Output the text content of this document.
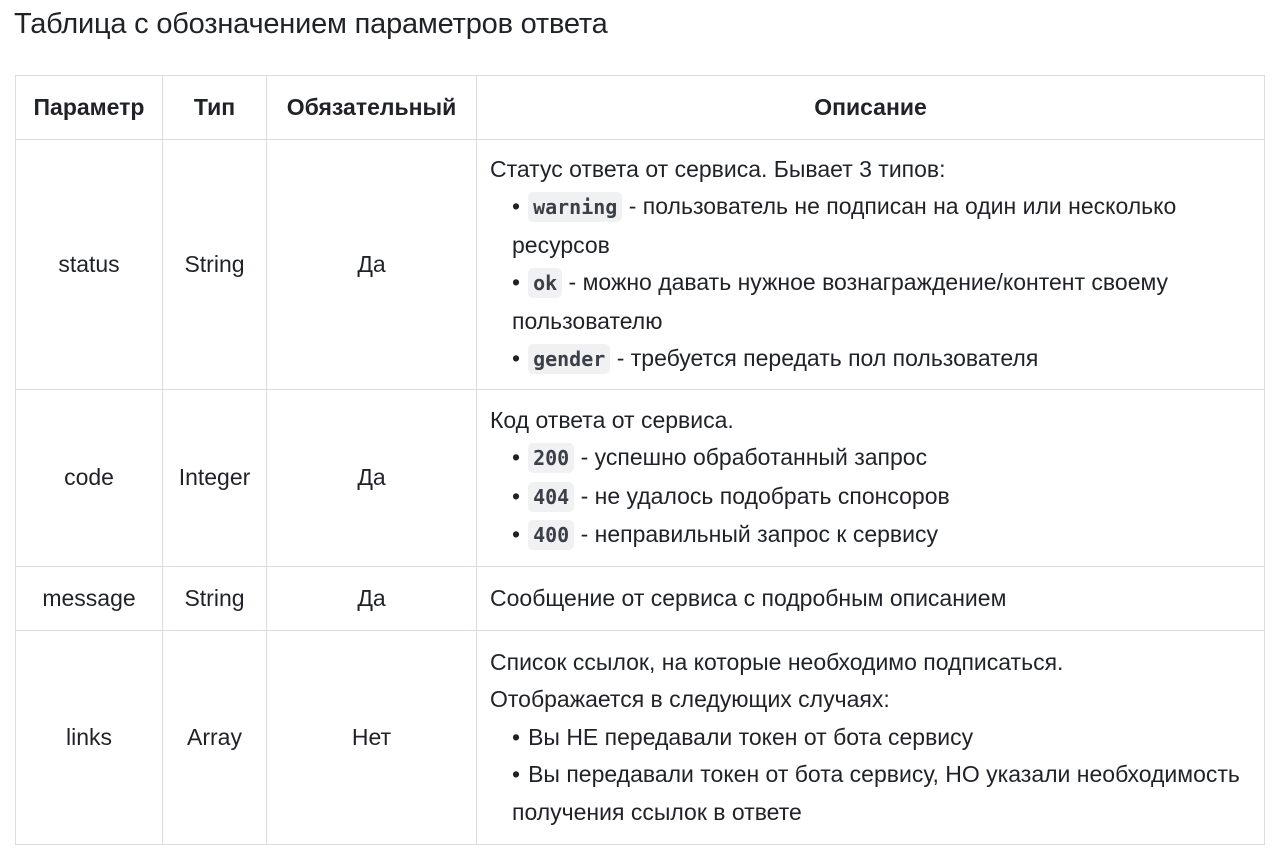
Таблица с обозначением параметров ответа
Параметр	Тип	Обязательный	Описание
status	String	Да	Статус ответа от сервиса. Бывает 3 типов:
• warning - пользователь не подписан на один или несколько ресурсов
• ok - можно давать нужное вознаграждение/контент своему пользователю
• gender - требуется передать пол пользователя

code	Integer	Да	Код ответа от сервиса.
• 200 - успешно обработанный запрос
• 404 - не удалось подобрать спонсоров
• 400 - неправильный запрос к сервису

message	String	Да	Сообщение от сервиса с подробным описанием

links	Array	Нет	Список ссылок, на которые необходимо подписаться.
Отображается в следующих случаях:
• Вы НЕ передавали токен от бота сервису
• Вы передавали токен от бота сервису, НО указали необходимость получения ссылок в ответе
